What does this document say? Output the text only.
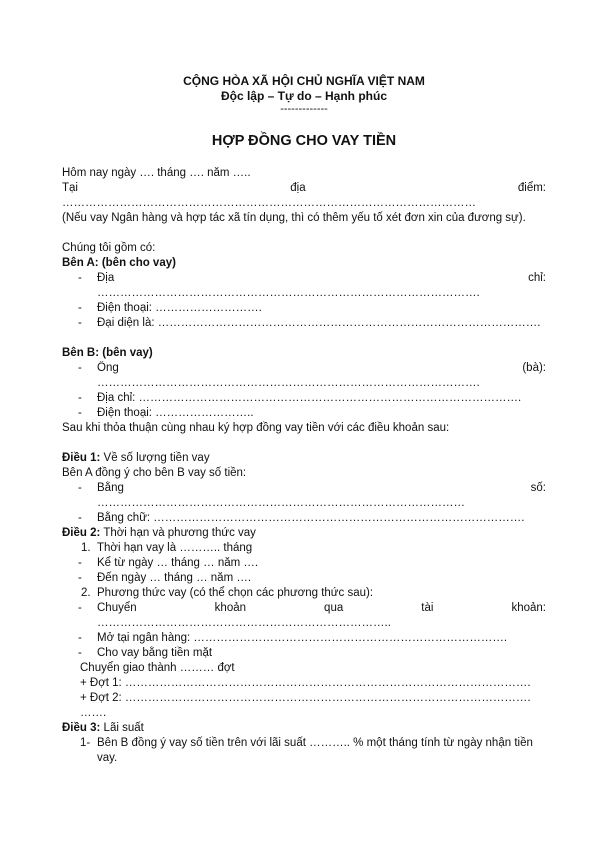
CỘNG HÒA XÃ HỘI CHỦ NGHĨA VIỆT NAM
Độc lập – Tự do – Hạnh phúc
-------------
HỢP ĐỒNG CHO VAY TIỀN
Hôm nay ngày …. tháng …. năm …..
Tại	địa	điểm:
………………………………………………………………………………………………
(Nếu vay Ngân hàng và hợp tác xã tín dụng, thì có thêm yếu tố xét đơn xin của đương sự).
Chúng tôi gồm có:
Bên A: (bên cho vay)
- Địa	chỉ:
……………………………………………………………………………………….
- Điện thoại: ……………………….
- Đại diện là: ……………………………………………………………………………………….
Bên B: (bên vay)
- Ông	(bà):
……………………………………………………………………………………….
- Địa chỉ: ……………………………………………………………………………………….
- Điện thoại: ……………………..
Sau khi thỏa thuận cùng nhau ký hợp đồng vay tiền với các điều khoản sau:
Điều 1: Về số lượng tiền vay
Bên A đồng ý cho bên B vay số tiền:
- Bằng	số:
……………………………………………………………………………………
- Bằng chữ: …………………………………………………………………………………….
Điều 2: Thời hạn và phương thức vay
1. Thời hạn vay là ……….. tháng
- Kể từ ngày … tháng … năm ….
- Đến ngày … tháng … năm ….
2. Phương thức vay (có thể chọn các phương thức sau):
- Chuyển	khoản	qua	tài	khoản:
…………………………………………………………………..
- Mở tại ngân hàng: ……………………………………………………………………….
- Cho vay bằng tiền mặt
Chuyển giao thành ……… đợt
+ Đợt 1: …………………………………………………………………………………………….
+ Đợt 2: …………………………………………………………………………………………….
…….
Điều 3: Lãi suất
1- Bên B đồng ý vay số tiền trên với lãi suất ……….. % một tháng tính từ ngày nhận tiền vay.
